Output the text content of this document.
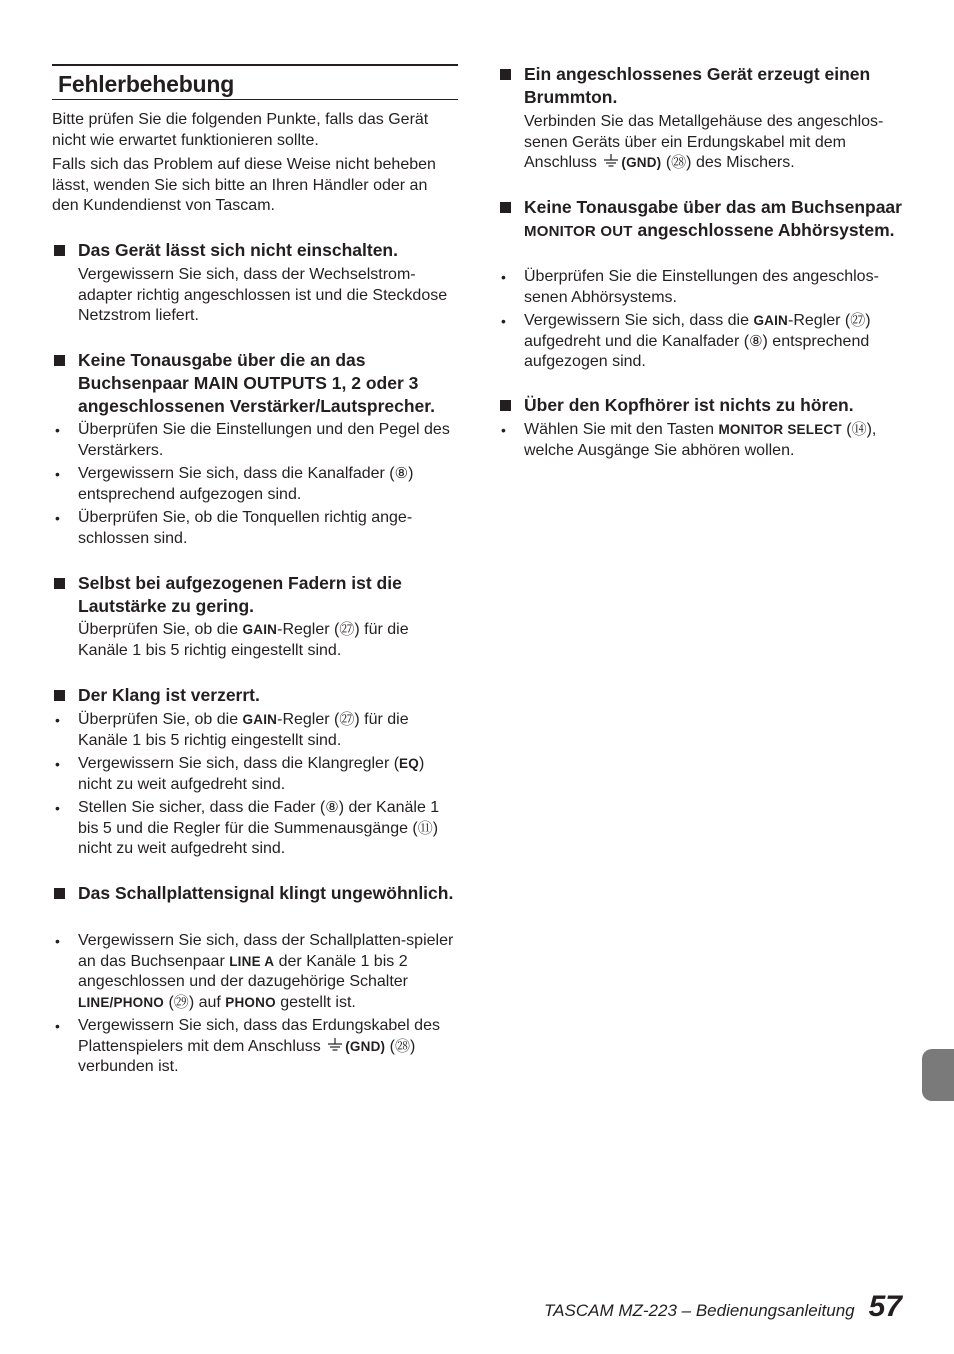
Fehlerbehebung

Bitte prüfen Sie die folgenden Punkte, falls das Gerät nicht wie erwartet funktionieren sollte.

Falls sich das Problem auf diese Weise nicht beheben lässt, wenden Sie sich bitte an Ihren Händler oder an den Kundendienst von Tascam.

Das Gerät lässt sich nicht einschalten.

Vergewissern Sie sich, dass der Wechselstrom-adapter richtig angeschlossen ist und die Steckdose Netzstrom liefert.

Keine Tonausgabe über die an das Buchsenpaar MAIN OUTPUTS 1, 2 oder 3 angeschlossenen Verstärker/Lautsprecher.

• Überprüfen Sie die Einstellungen und den Pegel des Verstärkers.

• Vergewissern Sie sich, dass die Kanalfader (⑧) entsprechend aufgezogen sind.

• Überprüfen Sie, ob die Tonquellen richtig ange-schlossen sind.

Selbst bei aufgezogenen Fadern ist die Lautstärke zu gering.

Überprüfen Sie, ob die GAIN-Regler (㉗) für die Kanäle 1 bis 5 richtig eingestellt sind.

Der Klang ist verzerrt.

• Überprüfen Sie, ob die GAIN-Regler (㉗) für die Kanäle 1 bis 5 richtig eingestellt sind.

• Vergewissern Sie sich, dass die Klangregler (EQ) nicht zu weit aufgedreht sind.

• Stellen Sie sicher, dass die Fader (⑧) der Kanäle 1 bis 5 und die Regler für die Summenausgänge (⑪) nicht zu weit aufgedreht sind.

Das Schallplattensignal klingt ungewöhnlich.

• Vergewissern Sie sich, dass der Schallplatten-spieler an das Buchsenpaar LINE A der Kanäle 1 bis 2 angeschlossen und der dazugehörige Schalter LINE/PHONO (㉙) auf PHONO gestellt ist.

• Vergewissern Sie sich, dass das Erdungskabel des Plattenspielers mit dem Anschluss (GND) (㉘) verbunden ist.

Ein angeschlossenes Gerät erzeugt einen Brummton.

Verbinden Sie das Metallgehäuse des angeschlos-senen Geräts über ein Erdungskabel mit dem Anschluss (GND) (㉘) des Mischers.

Keine Tonausgabe über das am Buchsenpaar MONITOR OUT angeschlossene Abhörsystem.

• Überprüfen Sie die Einstellungen des angeschlos-senen Abhörsystems.

• Vergewissern Sie sich, dass die GAIN-Regler (㉗) aufgedreht und die Kanalfader (⑧) entsprechend aufgezogen sind.

Über den Kopfhörer ist nichts zu hören.

• Wählen Sie mit den Tasten MONITOR SELECT (⑭), welche Ausgänge Sie abhören wollen.

TASCAM MZ-223 – Bedienungsanleitung 57
